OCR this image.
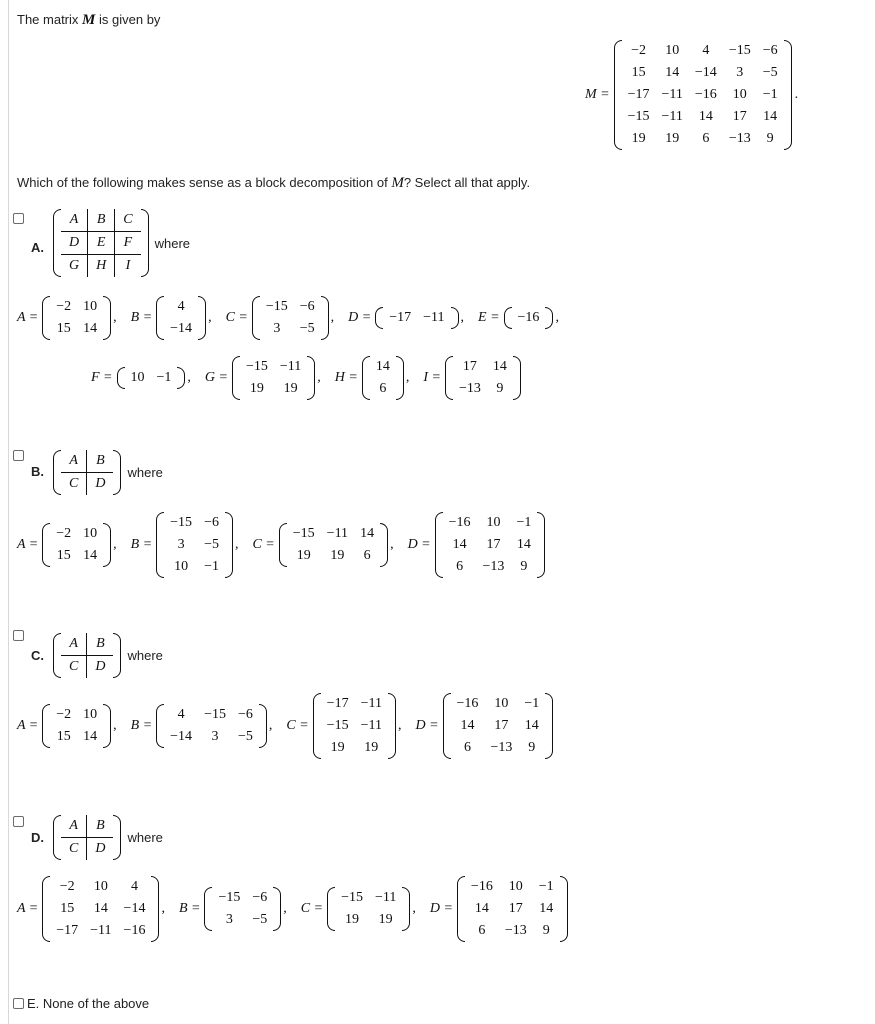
The matrix M is given by
M =
−2	10	4	−15	−6
15	14	−14	3	−5
−17	−11	−16	10	−1
−15	−11	14	17	14
19	19	6	−13	9
.
Which of the following makes sense as a block decomposition of M? Select all that apply.
A.
A	B	C
D	E	F
G	H	I
where
A =
−2	10
15	14
, B =
4
−14
, C =
−15	−6
3	−5
, D = −17	−11 , E = −16 ,
F = 10	−1 , G =
−15	−11
19	19
, H =
14
6
, I =
17	14
−13	9
B.
A	B
C	D
where
A =
−2	10
15	14
, B =
−15	−6
3	−5
10	−1
, C =
−15	−11	14
19	19	6
, D =
−16	10	−1
14	17	14
6	−13	9
C.
A	B
C	D
where
A =
−2	10
15	14
, B =
4	−15	−6
−14	3	−5
, C =
−17	−11
−15	−11
19	19
, D =
−16	10	−1
14	17	14
6	−13	9
D.
A	B
C	D
where
A =
−2	10	4
15	14	−14
−17	−11	−16
, B =
−15	−6
3	−5
, C =
−15	−11
19	19
, D =
−16	10	−1
14	17	14
6	−13	9
E. None of the above
